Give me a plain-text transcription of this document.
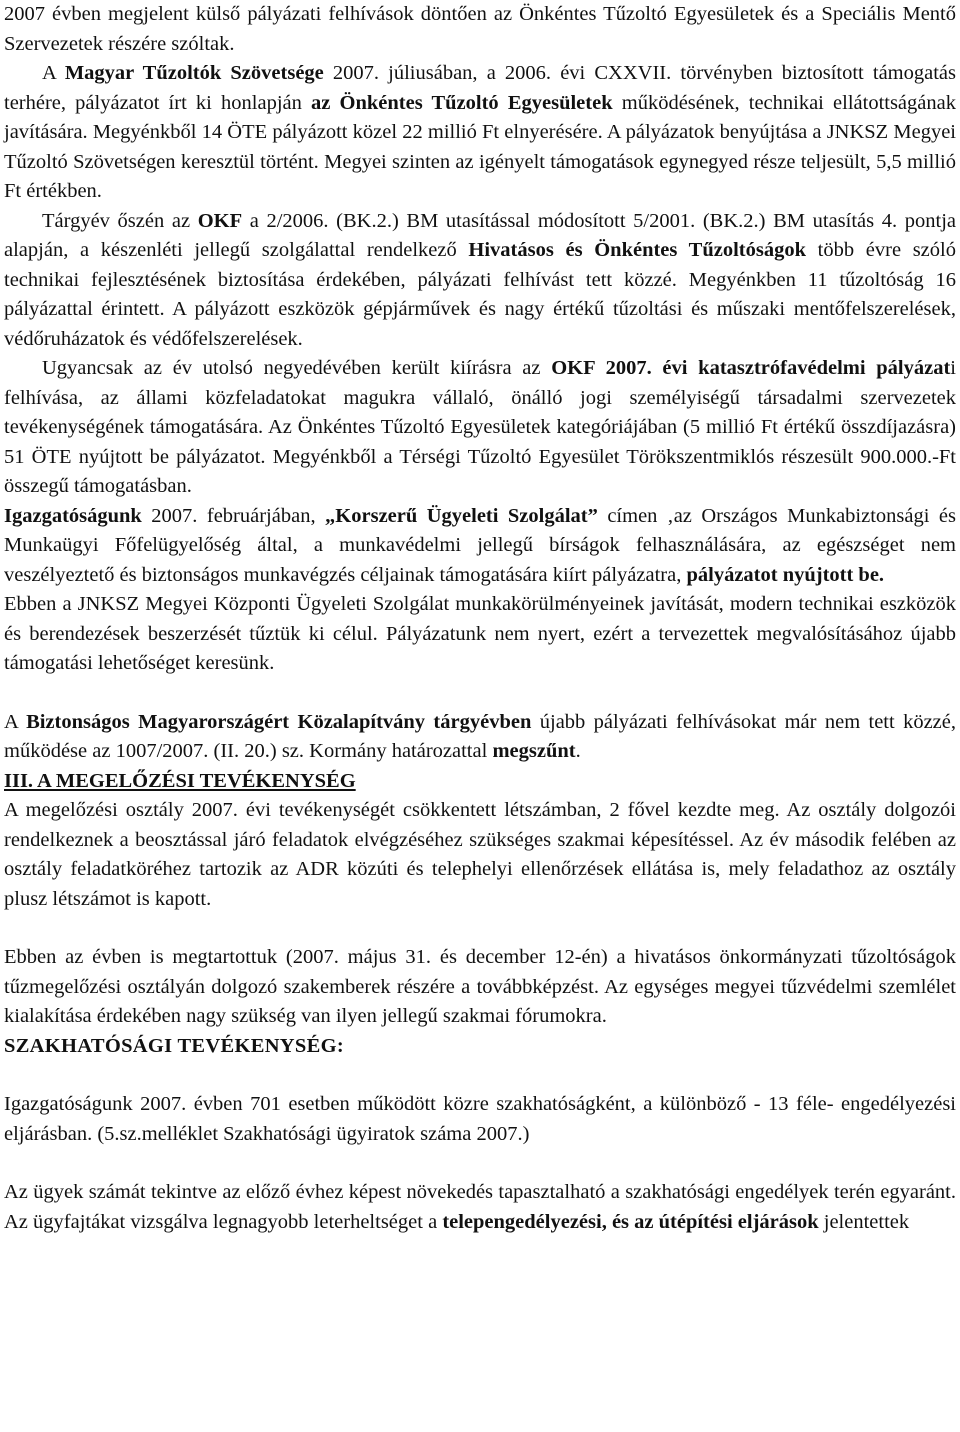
2007 évben megjelent külső pályázati felhívások döntően az Önkéntes Tűzoltó Egyesületek és a Speciális Mentő Szervezetek részére szóltak.

A Magyar Tűzoltók Szövetsége 2007. júliusában, a 2006. évi CXXVII. törvényben biztosított támogatás terhére, pályázatot írt ki honlapján az Önkéntes Tűzoltó Egyesületek működésének, technikai ellátottságának javítására. Megyénkből 14 ÖTE pályázott közel 22 millió Ft elnyerésére. A pályázatok benyújtása a JNKSZ Megyei Tűzoltó Szövetségen keresztül történt. Megyei szinten az igényelt támogatások egynegyed része teljesült, 5,5 millió Ft értékben.

Tárgyév őszén az OKF a 2/2006. (BK.2.) BM utasítással módosított 5/2001. (BK.2.) BM utasítás 4. pontja alapján, a készenléti jellegű szolgálattal rendelkező Hivatásos és Önkéntes Tűzoltóságok több évre szóló technikai fejlesztésének biztosítása érdekében, pályázati felhívást tett közzé. Megyénkben 11 tűzoltóság 16 pályázattal érintett. A pályázott eszközök gépjárművek és nagy értékű tűzoltási és műszaki mentőfelszerelések, védőruházatok és védőfelszerelések.

Ugyancsak az év utolsó negyedévében került kiírásra az OKF 2007. évi katasztrófavédelmi pályázati felhívása, az állami közfeladatokat magukra vállaló, önálló jogi személyiségű társadalmi szervezetek tevékenységének támogatására. Az Önkéntes Tűzoltó Egyesületek kategóriájában (5 millió Ft értékű összdíjazásra) 51 ÖTE nyújtott be pályázatot. Megyénkből a Térségi Tűzoltó Egyesület Törökszentmiklós részesült 900.000.-Ft összegű támogatásban.

Igazgatóságunk 2007. februárjában, „Korszerű Ügyeleti Szolgálat” címen ‚az Országos Munkabiztonsági és Munkaügyi Főfelügyelőség által, a munkavédelmi jellegű bírságok felhasználására, az egészséget nem veszélyeztető és biztonságos munkavégzés céljainak támogatására kiírt pályázatra, pályázatot nyújtott be.

Ebben a JNKSZ Megyei Központi Ügyeleti Szolgálat munkakörülményeinek javítását, modern technikai eszközök és berendezések beszerzését tűztük ki célul. Pályázatunk nem nyert, ezért a tervezettek megvalósításához újabb támogatási lehetőséget keresünk.

A Biztonságos Magyarországért Közalapítvány tárgyévben újabb pályázati felhívásokat már nem tett közzé, működése az 1007/2007. (II. 20.) sz. Kormány határozattal megszűnt.

III. A MEGELŐZÉSI TEVÉKENYSÉG

A megelőzési osztály 2007. évi tevékenységét csökkentett létszámban, 2 fővel kezdte meg. Az osztály dolgozói rendelkeznek a beosztással járó feladatok elvégzéséhez szükséges szakmai képesítéssel. Az év második felében az osztály feladatköréhez tartozik az ADR közúti és telephelyi ellenőrzések ellátása is, mely feladathoz az osztály plusz létszámot is kapott.

Ebben az évben is megtartottuk (2007. május 31. és december 12-én) a hivatásos önkormányzati tűzoltóságok tűzmegelőzési osztályán dolgozó szakemberek részére a továbbképzést. Az egységes megyei tűzvédelmi szemlélet kialakítása érdekében nagy szükség van ilyen jellegű szakmai fórumokra.

SZAKHATÓSÁGI TEVÉKENYSÉG:

Igazgatóságunk 2007. évben 701 esetben működött közre szakhatóságként, a különböző - 13 féle- engedélyezési eljárásban. (5.sz.melléklet Szakhatósági ügyiratok száma 2007.)

Az ügyek számát tekintve az előző évhez képest növekedés tapasztalható a szakhatósági engedélyek terén egyaránt. Az ügyfajtákat vizsgálva legnagyobb leterheltséget a telepengedélyezési, és az útépítési eljárások jelentettek
